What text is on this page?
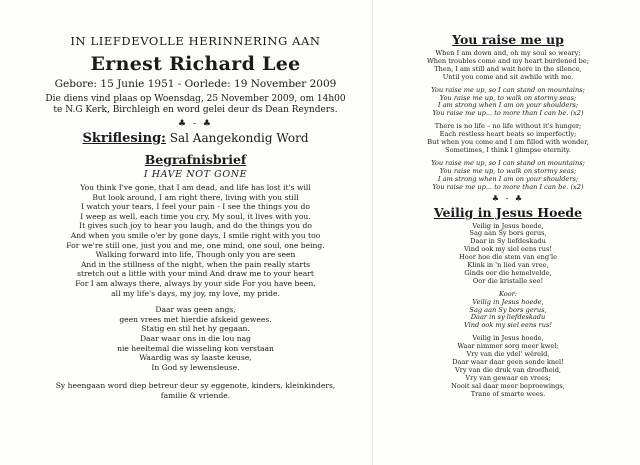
IN LIEFDEVOLLE HERINNERING AAN
Ernest Richard Lee
Gebore: 15 Junie 1951 - Oorlede: 19 November 2009
Die diens vind plaas op Woensdag, 25 November 2009, om 14h00
te N.G Kerk, Birchleigh en word gelei deur ds Dean Reynders.
♣ - ♣
Skriflesing: Sal Aangekondig Word
Begrafnisbrief
I HAVE NOT GONE
You think I've gone, that I am dead, and life has lost it's will
But look around, I am right there, living with you still
I watch your tears, I feel your pain - I see the things you do
I weep as well, each time you cry, My soul, it lives with you.
It gives such joy to hear you laugh, and do the things you do
And when you smile o'er by gone days, I smile right with you too
For we're still one, just you and me, one mind, one soul, one being.
Walking forward into life, Though only you are seen
And in the stillness of the night, when the pain really starts
stretch out a little with your mind And draw me to your heart
For I am always there, always by your side For you have been,
all my life's days, my joy, my love, my pride.
Daar was geen angs,
geen vrees met hierdie afskeid gewees.
Statig en stil het hy gegaan.
Daar waar ons in die lou nag
nie heeltemal die wisseling kon verstaan
Waardig was sy laaste keuse,
In God sy lewensleuse.
Sy heengaan word diep betreur deur sy eggenote, kinders, kleinkinders,
familie & vriende.
You raise me up
When I am down and, oh my soul so weary;
When troubles come and my heart burdened be;
Then, I am still and wait here in the silence,
Until you come and sit awhile with me.
You raise me up, so I can stand on mountains;
You raise me up, to walk on stormy seas;
I am strong when I am on your shoulders;
You raise me up... to more than I can be. (x2)
There is no life – no life without it's hunger;
Each restless heart beats so imperfectly;
But when you come and I am filled with wonder,
Sometimes, I think I glimpse eternity.
You raise me up, so I can stand on mountains;
You raise me up, to walk on stormy seas;
I am strong when I am on your shoulders;
You raise me up... to more than I can be. (x2)
♣ - ♣
Veilig in Jesus Hoede
Veilig in Jesus hoede,
Sag aan Sy bors gerus,
Daar in Sy liefdeskadu
Vind ook my siel eens rus!
Hoor hoe die stem van eng'le
Klink in 'n lied van vree,
Ginds oor die hemelvelde,
Oor die kristalle see!
Koor:
Veilig in Jesus hoede,
Sag aan Sy bors gerus,
Daar in sy liefdeskadu
Vind ook my siel eens rus!
Veilig in Jesus hoede,
Waar nimmer sorg meer kwel;
Vry van die ydel' wêreld,
Daar waar daar geen sonde knel!
Vry van die druk van droefheid,
Vry van gewaar en vrees;
Nooit sal daar meer beproewings,
Trane of smarte wees.
